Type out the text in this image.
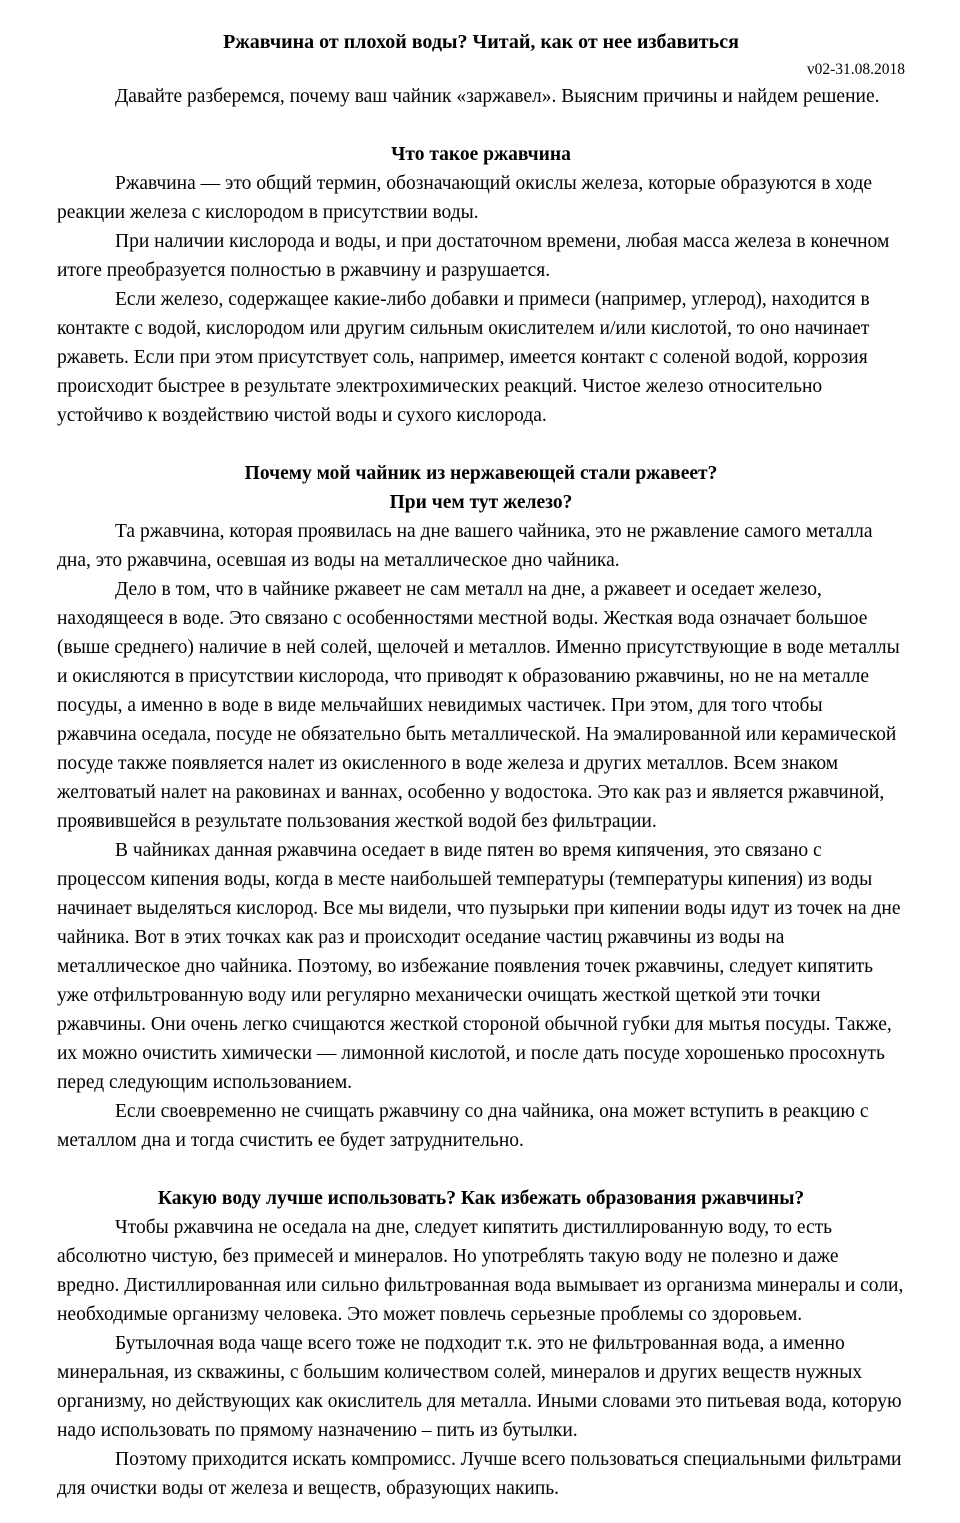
Ржавчина от плохой воды? Читай, как от нее избавиться
v02-31.08.2018

Давайте разберемся, почему ваш чайник «заржавел». Выясним причины и найдем решение.

Что такое ржавчина

Ржавчина — это общий термин, обозначающий окислы железа, которые образуются в ходе реакции железа с кислородом в присутствии воды.

При наличии кислорода и воды, и при достаточном времени, любая масса железа в конечном итоге преобразуется полностью в ржавчину и разрушается.

Если железо, содержащее какие-либо добавки и примеси (например, углерод), находится в контакте с водой, кислородом или другим сильным окислителем и/или кислотой, то оно начинает ржаветь. Если при этом присутствует соль, например, имеется контакт с соленой водой, коррозия происходит быстрее в результате электрохимических реакций. Чистое железо относительно устойчиво к воздействию чистой воды и сухого кислорода.

Почему мой чайник из нержавеющей стали ржавеет?
При чем тут железо?

Та ржавчина, которая проявилась на дне вашего чайника, это не ржавление самого металла дна, это ржавчина, осевшая из воды на металлическое дно чайника.

Дело в том, что в чайнике ржавеет не сам металл на дне, а ржавеет и оседает железо, находящееся в воде. Это связано с особенностями местной воды. Жесткая вода означает большое (выше среднего) наличие в ней солей, щелочей и металлов. Именно присутствующие в воде металлы и окисляются в присутствии кислорода, что приводят к образованию ржавчины, но не на металле посуды, а именно в воде в виде мельчайших невидимых частичек. При этом, для того чтобы ржавчина оседала, посуде не обязательно быть металлической. На эмалированной или керамической посуде также появляется налет из окисленного в воде железа и других металлов. Всем знаком желтоватый налет на раковинах и ваннах, особенно у водостока. Это как раз и является ржавчиной, проявившейся в результате пользования жесткой водой без фильтрации.

В чайниках данная ржавчина оседает в виде пятен во время кипячения, это связано с процессом кипения воды, когда в месте наибольшей температуры (температуры кипения) из воды начинает выделяться кислород. Все мы видели, что пузырьки при кипении воды идут из точек на дне чайника. Вот в этих точках как раз и происходит оседание частиц ржавчины из воды на металлическое дно чайника. Поэтому, во избежание появления точек ржавчины, следует кипятить уже отфильтрованную воду или регулярно механически очищать жесткой щеткой эти точки ржавчины. Они очень легко счищаются жесткой стороной обычной губки для мытья посуды. Также, их можно очистить химически — лимонной кислотой, и после дать посуде хорошенько просохнуть перед следующим использованием.

Если своевременно не счищать ржавчину со дна чайника, она может вступить в реакцию с металлом дна и тогда счистить ее будет затруднительно.

Какую воду лучше использовать? Как избежать образования ржавчины?

Чтобы ржавчина не оседала на дне, следует кипятить дистиллированную воду, то есть абсолютно чистую, без примесей и минералов. Но употреблять такую воду не полезно и даже вредно. Дистиллированная или сильно фильтрованная вода вымывает из организма минералы и соли, необходимые организму человека. Это может повлечь серьезные проблемы со здоровьем.

Бутылочная вода чаще всего тоже не подходит т.к. это не фильтрованная вода, а именно минеральная, из скважины, с большим количеством солей, минералов и других веществ нужных организму, но действующих как окислитель для металла. Иными словами это питьевая вода, которую надо использовать по прямому назначению – пить из бутылки.

Поэтому приходится искать компромисс. Лучше всего пользоваться специальными фильтрами для очистки воды от железа и веществ, образующих накипь.
